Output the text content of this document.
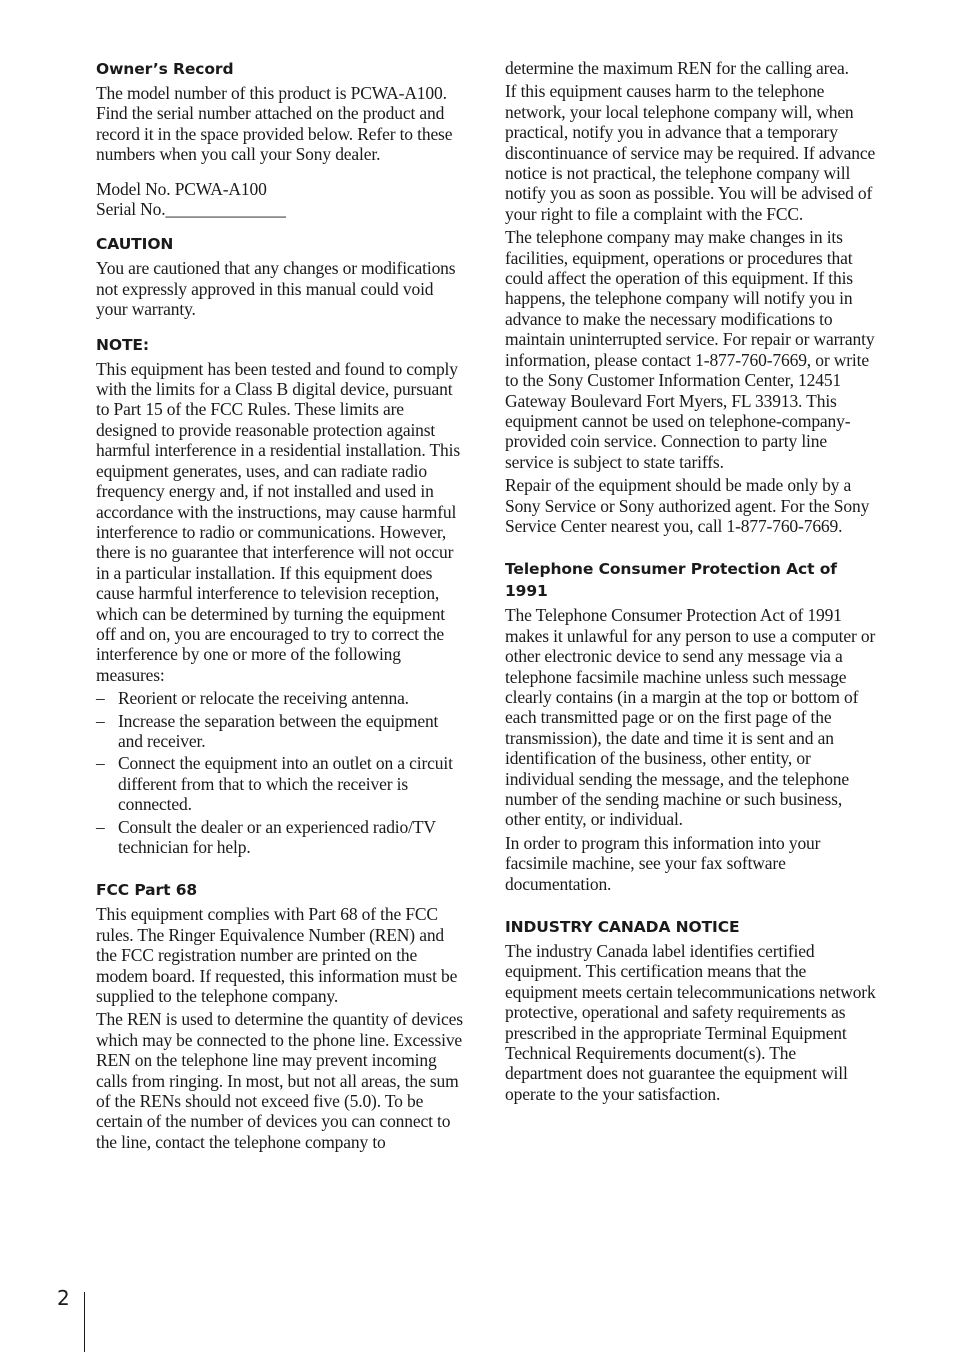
Owner’s Record

The model number of this product is PCWA-A100. Find the serial number attached on the product and record it in the space provided below. Refer to these numbers when you call your Sony dealer.

Model No. PCWA-A100

Serial No.______________

CAUTION

You are cautioned that any changes or modifications not expressly approved in this manual could void your warranty.

NOTE:

This equipment has been tested and found to comply with the limits for a Class B digital device, pursuant to Part 15 of the FCC Rules. These limits are designed to provide reasonable protection against harmful interference in a residential installation. This equipment generates, uses, and can radiate radio frequency energy and, if not installed and used in accordance with the instructions, may cause harmful interference to radio or communications. However, there is no guarantee that interference will not occur in a particular installation. If this equipment does cause harmful interference to television reception, which can be determined by turning the equipment off and on, you are encouraged to try to correct the interference by one or more of the following measures:

– Reorient or relocate the receiving antenna.
– Increase the separation between the equipment and receiver.
– Connect the equipment into an outlet on a circuit different from that to which the receiver is connected.
– Consult the dealer or an experienced radio/TV technician for help.
FCC Part 68

This equipment complies with Part 68 of the FCC rules. The Ringer Equivalence Number (REN) and the FCC registration number are printed on the modem board. If requested, this information must be supplied to the telephone company.

The REN is used to determine the quantity of devices which may be connected to the phone line. Excessive REN on the telephone line may prevent incoming calls from ringing. In most, but not all areas, the sum of the RENs should not exceed five (5.0). To be certain of the number of devices you can connect to the line, contact the telephone company to

determine the maximum REN for the calling area.

If this equipment causes harm to the telephone network, your local telephone company will, when practical, notify you in advance that a temporary discontinuance of service may be required. If advance notice is not practical, the telephone company will notify you as soon as possible. You will be advised of your right to file a complaint with the FCC.

The telephone company may make changes in its facilities, equipment, operations or procedures that could affect the operation of this equipment. If this happens, the telephone company will notify you in advance to make the necessary modifications to maintain uninterrupted service. For repair or warranty information, please contact 1-877-760-7669, or write to the Sony Customer Information Center, 12451 Gateway Boulevard Fort Myers, FL 33913. This equipment cannot be used on telephone-company-provided coin service. Connection to party line service is subject to state tariffs.

Repair of the equipment should be made only by a Sony Service or Sony authorized agent. For the Sony Service Center nearest you, call 1-877-760-7669.

Telephone Consumer Protection Act of 1991

The Telephone Consumer Protection Act of 1991 makes it unlawful for any person to use a computer or other electronic device to send any message via a telephone facsimile machine unless such message clearly contains (in a margin at the top or bottom of each transmitted page or on the first page of the transmission), the date and time it is sent and an identification of the business, other entity, or individual sending the message, and the telephone number of the sending machine or such business, other entity, or individual.

In order to program this information into your facsimile machine, see your fax software documentation.

INDUSTRY CANADA NOTICE

The industry Canada label identifies certified equipment. This certification means that the equipment meets certain telecommunications network protective, operational and safety requirements as prescribed in the appropriate Terminal Equipment Technical Requirements document(s). The department does not guarantee the equipment will operate to the your satisfaction.

2
